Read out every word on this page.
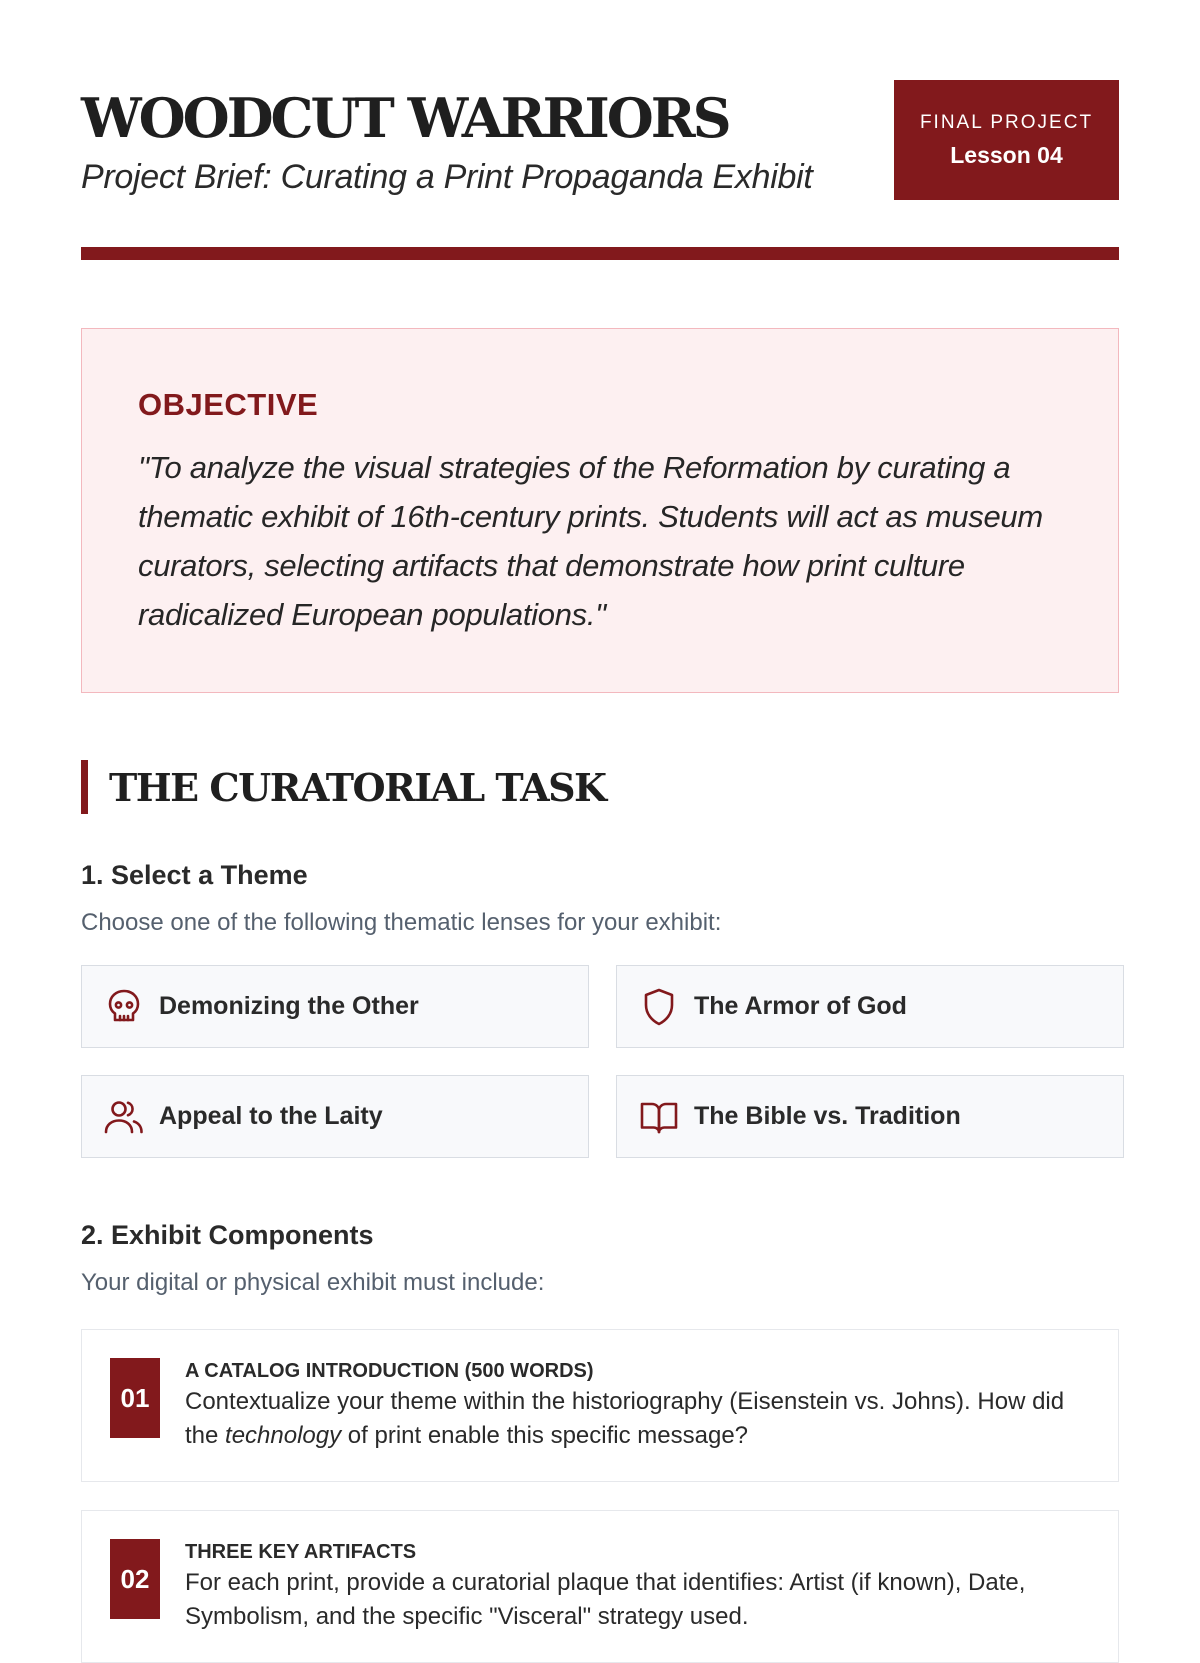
WOODCUT WARRIORS
Project Brief: Curating a Print Propaganda Exhibit
FINAL PROJECT
Lesson 04
OBJECTIVE

"To analyze the visual strategies of the Reformation by curating a thematic exhibit of 16th-century prints. Students will act as museum curators, selecting artifacts that demonstrate how print culture radicalized European populations."

THE CURATORIAL TASK
1. Select a Theme

Choose one of the following thematic lenses for your exhibit:

Demonizing the Other	The Armor of God
Appeal to the Laity	The Bible vs. Tradition
2. Exhibit Components

Your digital or physical exhibit must include:

01
A CATALOG INTRODUCTION (500 WORDS)

Contextualize your theme within the historiography (Eisenstein vs. Johns). How did the technology of print enable this specific message?

02
THREE KEY ARTIFACTS

For each print, provide a curatorial plaque that identifies: Artist (if known), Date, Symbolism, and the specific "Visceral" strategy used.
